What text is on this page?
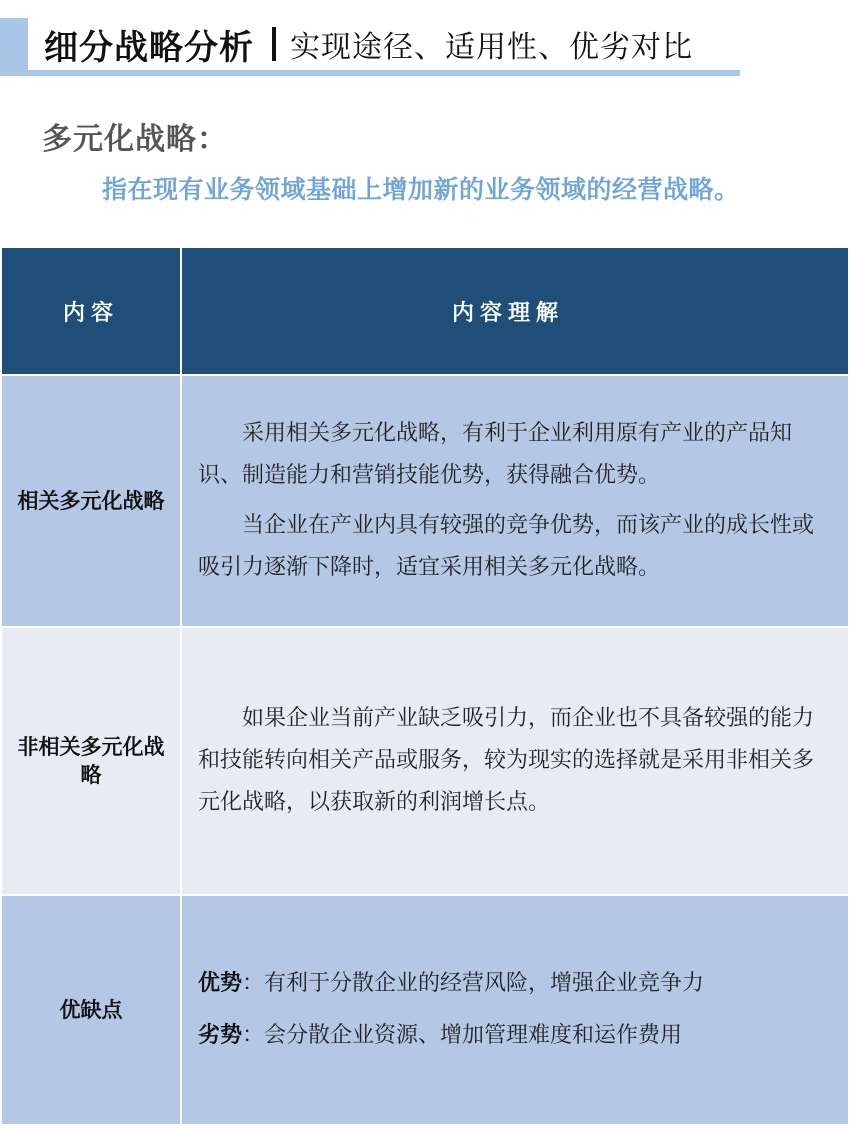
细分战略分析 实现途径、适用性、优劣对比
多元化战略：
指在现有业务领域基础上增加新的业务领域的经营战略。
内容	内容理解
相关多元化战略

采用相关多元化战略，有利于企业利用原有产业的产品知识、制造能力和营销技能优势，获得融合优势。

当企业在产业内具有较强的竞争优势，而该产业的成长性或吸引力逐渐下降时，适宜采用相关多元化战略。

非相关多元化战略

如果企业当前产业缺乏吸引力，而企业也不具备较强的能力和技能转向相关产品或服务，较为现实的选择就是采用非相关多元化战略，以获取新的利润增长点。

优缺点

优势：有利于分散企业的经营风险，增强企业竞争力

劣势：会分散企业资源、增加管理难度和运作费用
